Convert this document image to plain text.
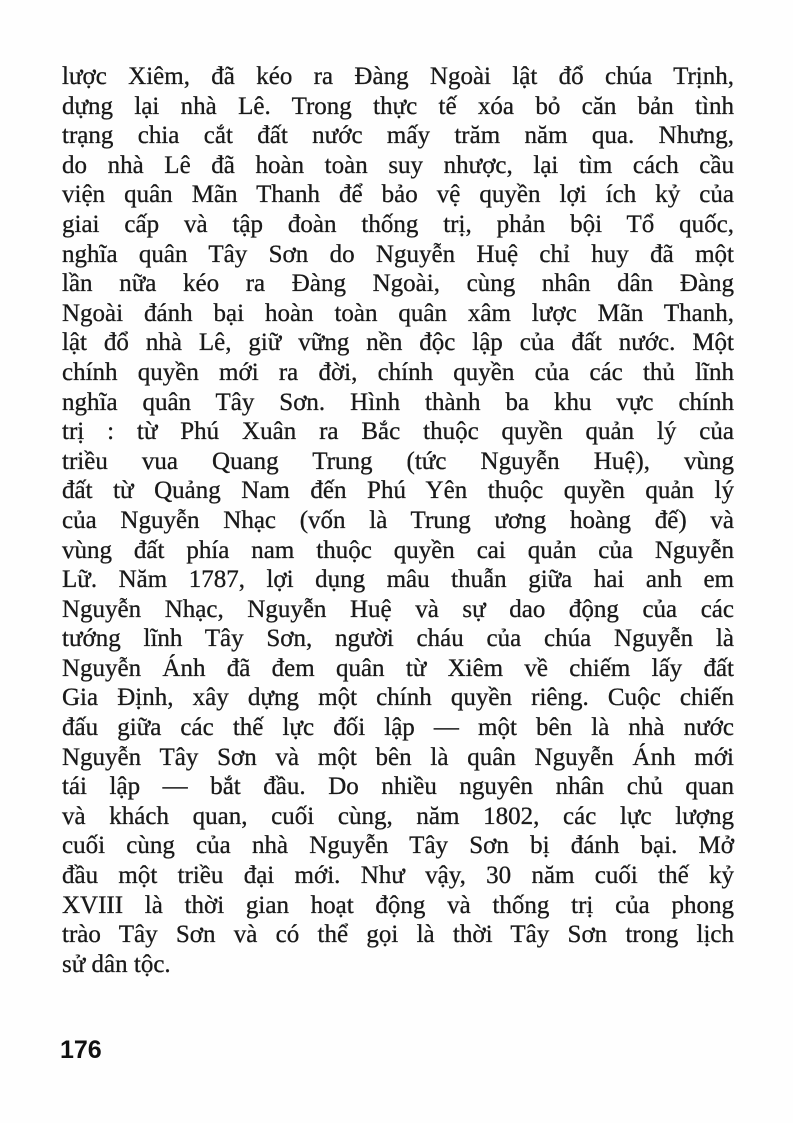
lược Xiêm, đã kéo ra Đàng Ngoài lật đổ chúa Trịnh,
dựng lại nhà Lê. Trong thực tế xóa bỏ căn bản tình
trạng chia cắt đất nước mấy trăm năm qua. Nhưng,
do nhà Lê đã hoàn toàn suy nhược, lại tìm cách cầu
viện quân Mãn Thanh để bảo vệ quyền lợi ích kỷ của
giai cấp và tập đoàn thống trị, phản bội Tổ quốc,
nghĩa quân Tây Sơn do Nguyễn Huệ chỉ huy đã một
lần nữa kéo ra Đàng Ngoài, cùng nhân dân Đàng
Ngoài đánh bại hoàn toàn quân xâm lược Mãn Thanh,
lật đổ nhà Lê, giữ vững nền độc lập của đất nước. Một
chính quyền mới ra đời, chính quyền của các thủ lĩnh
nghĩa quân Tây Sơn. Hình thành ba khu vực chính
trị : từ Phú Xuân ra Bắc thuộc quyền quản lý của
triều vua Quang Trung (tức Nguyễn Huệ), vùng
đất từ Quảng Nam đến Phú Yên thuộc quyền quản lý
của Nguyễn Nhạc (vốn là Trung ương hoàng đế) và
vùng đất phía nam thuộc quyền cai quản của Nguyễn
Lữ. Năm 1787, lợi dụng mâu thuẫn giữa hai anh em
Nguyễn Nhạc, Nguyễn Huệ và sự dao động của các
tướng lĩnh Tây Sơn, người cháu của chúa Nguyễn là
Nguyễn Ánh đã đem quân từ Xiêm về chiếm lấy đất
Gia Định, xây dựng một chính quyền riêng. Cuộc chiến
đấu giữa các thế lực đối lập — một bên là nhà nước
Nguyễn Tây Sơn và một bên là quân Nguyễn Ánh mới
tái lập — bắt đầu. Do nhiều nguyên nhân chủ quan
và khách quan, cuối cùng, năm 1802, các lực lượng
cuối cùng của nhà Nguyễn Tây Sơn bị đánh bại. Mở
đầu một triều đại mới. Như vậy, 30 năm cuối thế kỷ
XVIII là thời gian hoạt động và thống trị của phong
trào Tây Sơn và có thể gọi là thời Tây Sơn trong lịch
sử dân tộc.
176
